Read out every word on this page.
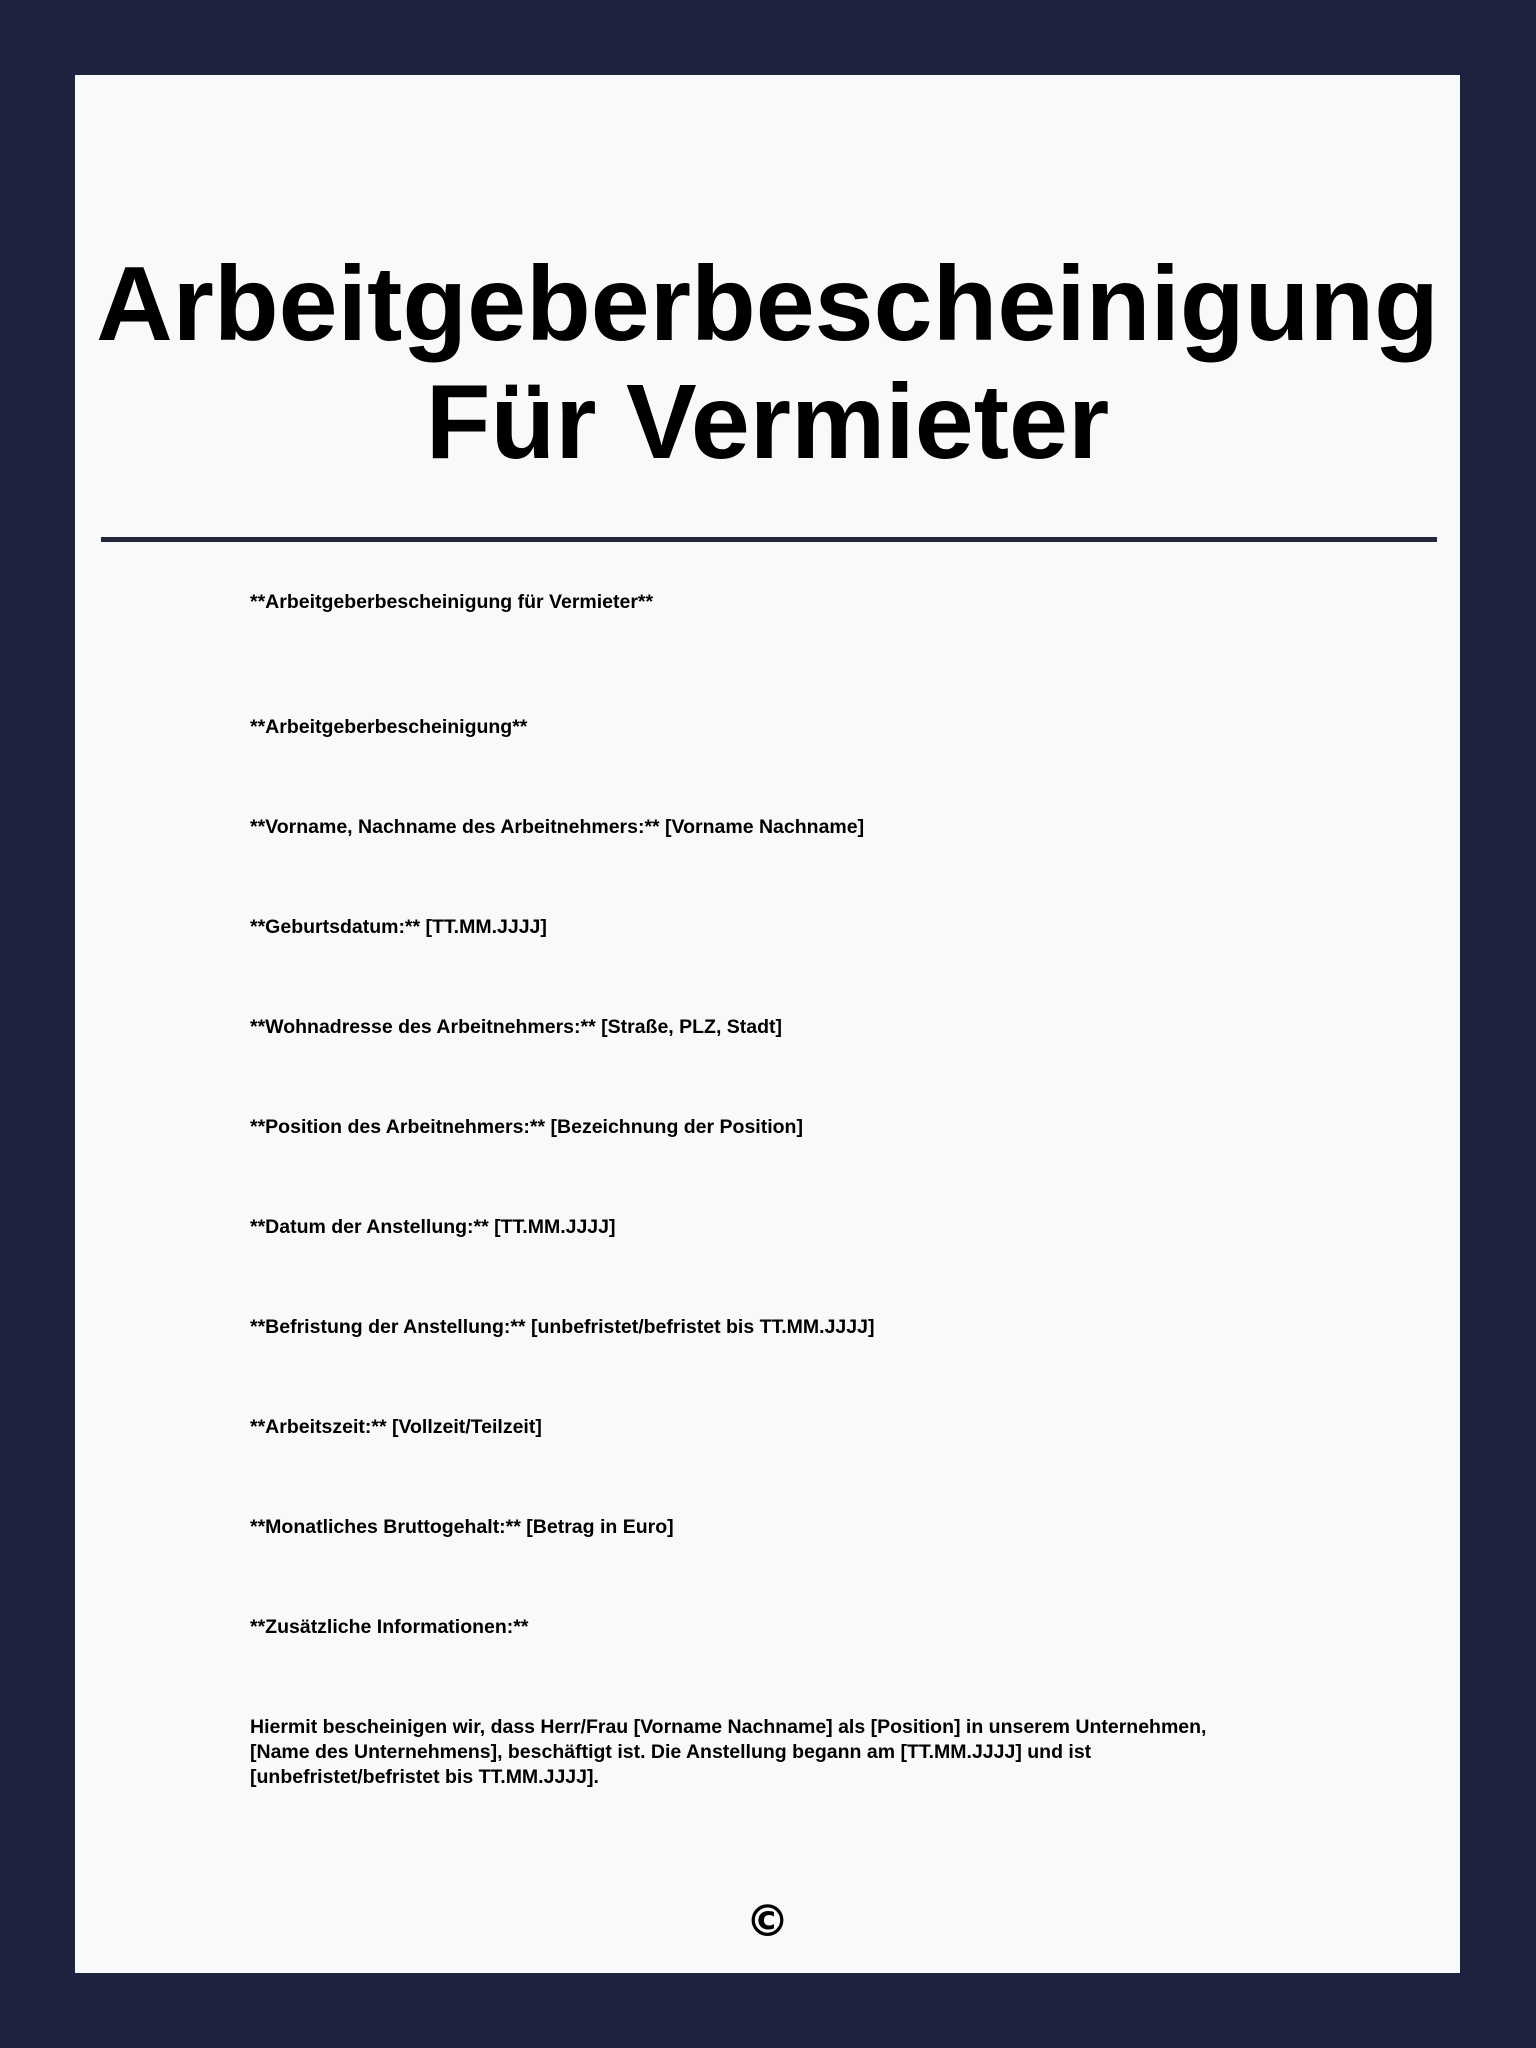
Arbeitgeberbescheinigung
Für Vermieter

**Arbeitgeberbescheinigung für Vermieter**

**Arbeitgeberbescheinigung**

**Vorname, Nachname des Arbeitnehmers:** [Vorname Nachname]

**Geburtsdatum:** [TT.MM.JJJJ]

**Wohnadresse des Arbeitnehmers:** [Straße, PLZ, Stadt]

**Position des Arbeitnehmers:** [Bezeichnung der Position]

**Datum der Anstellung:** [TT.MM.JJJJ]

**Befristung der Anstellung:** [unbefristet/befristet bis TT.MM.JJJJ]

**Arbeitszeit:** [Vollzeit/Teilzeit]

**Monatliches Bruttogehalt:** [Betrag in Euro]

**Zusätzliche Informationen:**

Hiermit bescheinigen wir, dass Herr/Frau [Vorname Nachname] als [Position] in unserem Unternehmen,
[Name des Unternehmens], beschäftigt ist. Die Anstellung begann am [TT.MM.JJJJ] und ist
[unbefristet/befristet bis TT.MM.JJJJ].
©
